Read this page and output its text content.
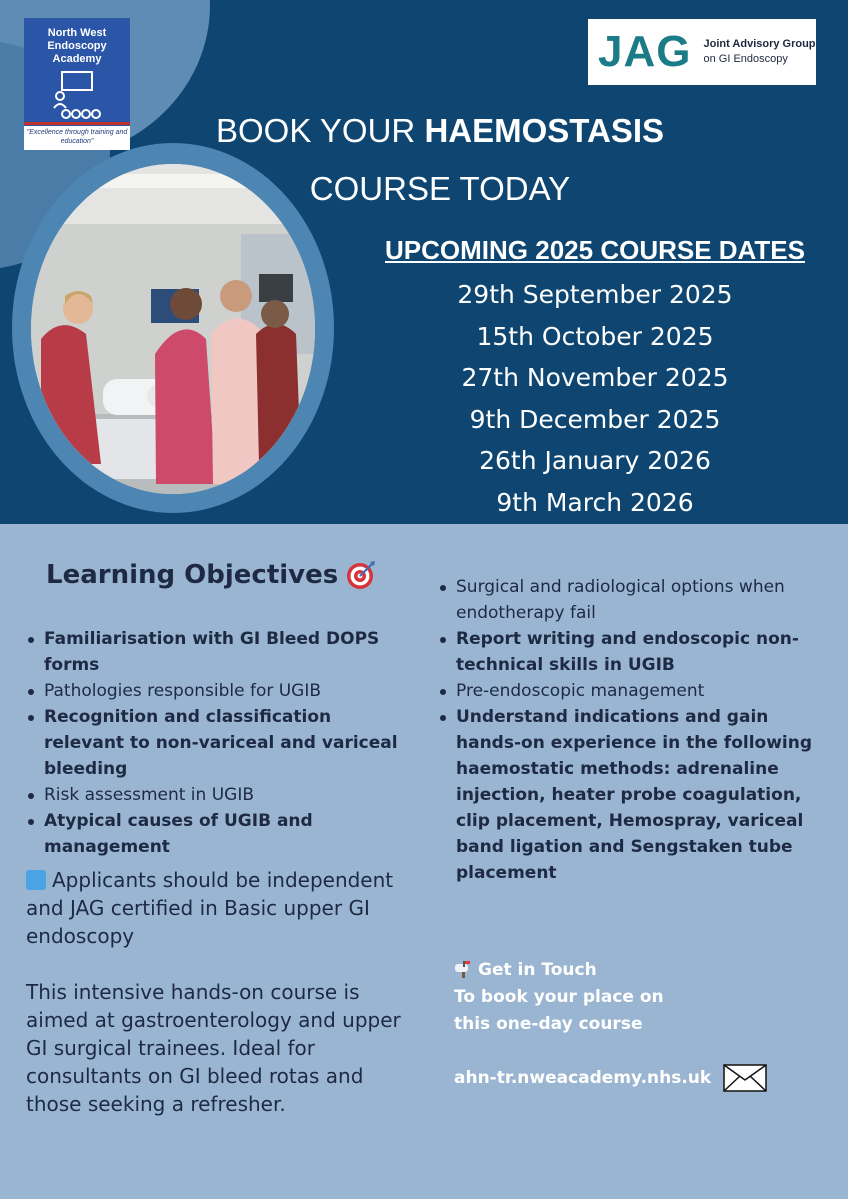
North West
Endoscopy
Academy
"Excellence through training and education"
JAG Joint Advisory Group
on GI Endoscopy
BOOK YOUR HAEMOSTASIS
COURSE TODAY
UPCOMING 2025 COURSE DATES
29th September 2025
15th October 2025
27th November 2025
9th December 2025
26th January 2026
9th March 2026
Learning Objectives
Familiarisation with GI Bleed DOPS forms
Pathologies responsible for UGIB
Recognition and classification relevant to non-variceal and variceal bleeding
Risk assessment in UGIB
Atypical causes of UGIB and management
Surgical and radiological options when endotherapy fail
Report writing and endoscopic non-technical skills in UGIB
Pre-endoscopic management
Understand indications and gain hands-on experience in the following haemostatic methods: adrenaline injection, heater probe coagulation, clip placement, Hemospray, variceal band ligation and Sengstaken tube placement
Applicants should be independent and JAG certified in Basic upper GI endoscopy
This intensive hands-on course is aimed at gastroenterology and upper GI surgical trainees. Ideal for consultants on GI bleed rotas and those seeking a refresher.
Get in Touch
To book your place on
this one-day course
ahn-tr.nweacademy.nhs.uk
